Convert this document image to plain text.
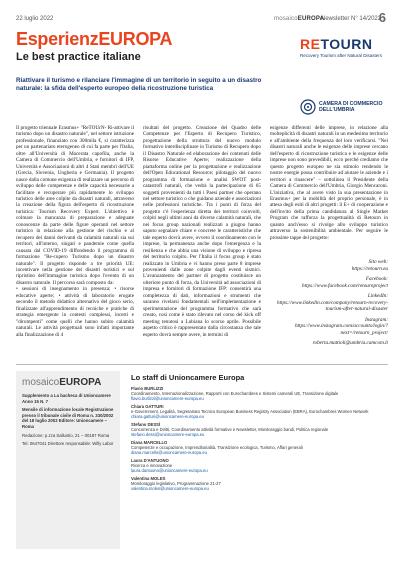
22 luglio 2022	mosaicoEUROPA
Newsletter N° 14/2022
6
EsperienzEUROPA
Le best practice italiane
RETOURN
Recovery Tourism after Natural Disasters

Riattivare il turismo e rilanciare l'immagine di un territorio in seguito a un disastro naturale: la sfida dell'esperto europeo della ricostruzione turistica

CAMERA DI COMMERCIO DELL'UMBRIA

Il progetto triennale Erasmus+ "ReTOUrN- Ri-attivare il turismo dopo un disastro naturale", nel settore istruzione professionale, finanziato con 300mila €, si caratterizza per un partenariato eterogeneo di cui fa parte per l'Italia, oltre all'Università di Macerata capofila, anche la Camera di Commercio dell'Umbria, e fornitori di IFP, Università e Associazioni di altri 4 Stati membri dell'UE (Grecia, Slovenia, Ungheria e Germania). Il progetto nasce dalla comune esigenza di realizzare un percorso di sviluppo delle competenze e delle capacità necessarie a facilitare e recuperare più rapidamente lo sviluppo turistico delle aree colpite da disastri naturali, attraverso la creazione della figura dell'esperto di ricostruzione turistica: Tourism Recovery Expert. L'obiettivo è colmare la mancanza di preparazione e adeguate conoscenze da parte delle figure operanti nel settore turistico in relazione alla gestione del rischio e al recupero dei danni derivanti da calamità naturali sia sui territori, all'interno, singari e pandemie come quella causata dal COVID-19 diffondendo il programma di formazione "Re-cupero Turismo dopo un disastro naturale". Il progetto risponde a tre priorità UE: incentivare nella gestione dei disastri turistici e sul ripristino dell'immagine turistica dopo l'evento di un disastro naturale. Il percorso sarà composto da:

• sessioni di insegnamento in presenza; • risorse educative aperte; • attività di laboratorio erogate secondo il metodo didattico alternativo del gioco serio, finalizzate all'apprendimento di tecniche e pratiche di strategia emergente in contesti complessi, incerti e "dirompenti" come quelli che hanno subito calamità naturali. Le attività progettuali sono infatti importante alla finalizzazione di 4

risultati del progetto. Creazione del Quadro delle Competenze per l'Esperto di Recupero Turistico, progettazione della struttura del nuovo modulo formativo interdisciplinare in Turismo di Recupero dopo il Disastro Naturale ed elaborazione dei contenuti delle Risorse Educative Aperte; realizzazione della piattaforma online per la progettazione e realizzazione dell'Open Educational Resource; pilotaggio del nuovo programma di formazione e analisi SWOT post-catastrofi naturali, che vedrà la partecipazione di 65 soggetti provenienti da tutti i Paesi partner che operano nel settore turistico o che guidano aziende e associazioni nelle professioni turistiche. Tra i punti di forza del progetto c'è l'esperienza diretta dei territori coinvolti, colpiti negli ultimi anni da diverse calamità naturali, che nei focus group nazionali realizzati a giugno hanno saputo segnalare chiare e concrete le caratteristiche che tale esperto dovrà avere, ovvero il coordinamento con le imprese, la permanenza anche dopo l'emergenza e la resilienza e che abbia una visione di sviluppo e ripresa del territorio colpito. Per l'Italia il focus group è stato realizzato in Umbria e vi hanno preso parte 8 imprese provenienti dalle zone colpite dagli eventi sismici. L'avanzamento del partner di progetto costituisce un ulteriore punto di forza, da Università ad associazioni di impresa e fornitori di formazione IFP: consentirà una completezza di dati, informazioni e strumenti che saranno rivelarsi fondamentali nell'implementazione e sperimentazione del programma formativo che sarà creato, così come è stato rilevato nel corso del kick off meeting tenutosi a Lubiana lo scorso aprile. Possibile aspetto critico è rappresentato dalla circostanza che tale esperto dovrà sempre avere, in termini di

esigenze differenti delle imprese, in relazione alla molteplicità di disastri naturali in un medesimo territorio e all'ambiente della frequenza del loro verificarsi. "Nei disastri naturali anche le esigenze delle imprese cercano dell'esperto di ricostruzione turistica e le esigenze delle imprese non sono prevedibili, ecco perché crediamo che questo progetto europeo ne sia stimolo rendendo le nostre energie possa contribuire ad aiutare le aziende e i territori a rinascere" – sottolinea il Presidente della Camera di Commercio dell'Umbria, Giorgio Mencaroni. L'iniziativa, che al avere visto la sua presentazione in Erasmus+ per la mobilità del proprio personale, è in attesa degli esiti di altri progetti: il E+ di cooperazione e dell'invito della prima candidatura al Single Market Program che rafforza la progettualità di Retourn in quanto anch'esso si rivolge allo sviluppo turistico attraverso la sostenibilità ambientale. Per seguire le prossime tappe del progetto:

Sito web:
https://retourn.eu
Facebook:
https://www.facebook.com/retournproject
LinkedIn:
https://www.linkedin.com/company/retourn-recovery-tourism-after-natural-disaster
Instagram:
https://www.instagram.com/accounts/login/?next=/retourn_project/
roberta.mattioli@umbria.camcom.it
mosaicoEUROPA

Supplemento a La bacheca di Unioncamere Anno 15 N. 7

Mensile di informazione locale Registrazione presso il tribunale civile di Roma n. 330/2002 del 18 luglio 2002 Editore: Unioncamere – Roma

Redazione: p.zza Sallustio, 21 – 00187 Roma

Tel. 0647041 Direttore responsabile: Willy Labor

Lo staff di Unioncamere Europa
Flavio BURLIZZI
Coordinamento, Internazionalizzazione, Rapporti con Eurochambres e Sistemi camerali UE, Transizione digitale
flavio.burlizzi@unioncamere-europa.eu
Chiara GATTURI
e-Government, Legalità, Segretariato Tecnico European Business Registry Association (EBRA), Eurochambres Women Network
chiara.gatturi@unioncamere-europa.eu
Stefano DESSÌ
Concorrenza e Diritti, Coordinamento attività formative e Newsletter, Monitoraggio bandi, Politica regionale
stefano.dessi@unioncamere-europa.eu
Diana MARCELLO
Competenze e occupazione, Imprenditorialità, Transizione ecologica, Turismo, Affari generali
diana.marcello@unioncamere-europa.eu
Laura D'ANTUONO
Ricerca e innovazione
laura.dantuono@unioncamere-europa.eu
Valentina MOLES
Monitoraggio legislativo, Programmazione 21-27
valentina.moles@unioncamere-europa.eu
